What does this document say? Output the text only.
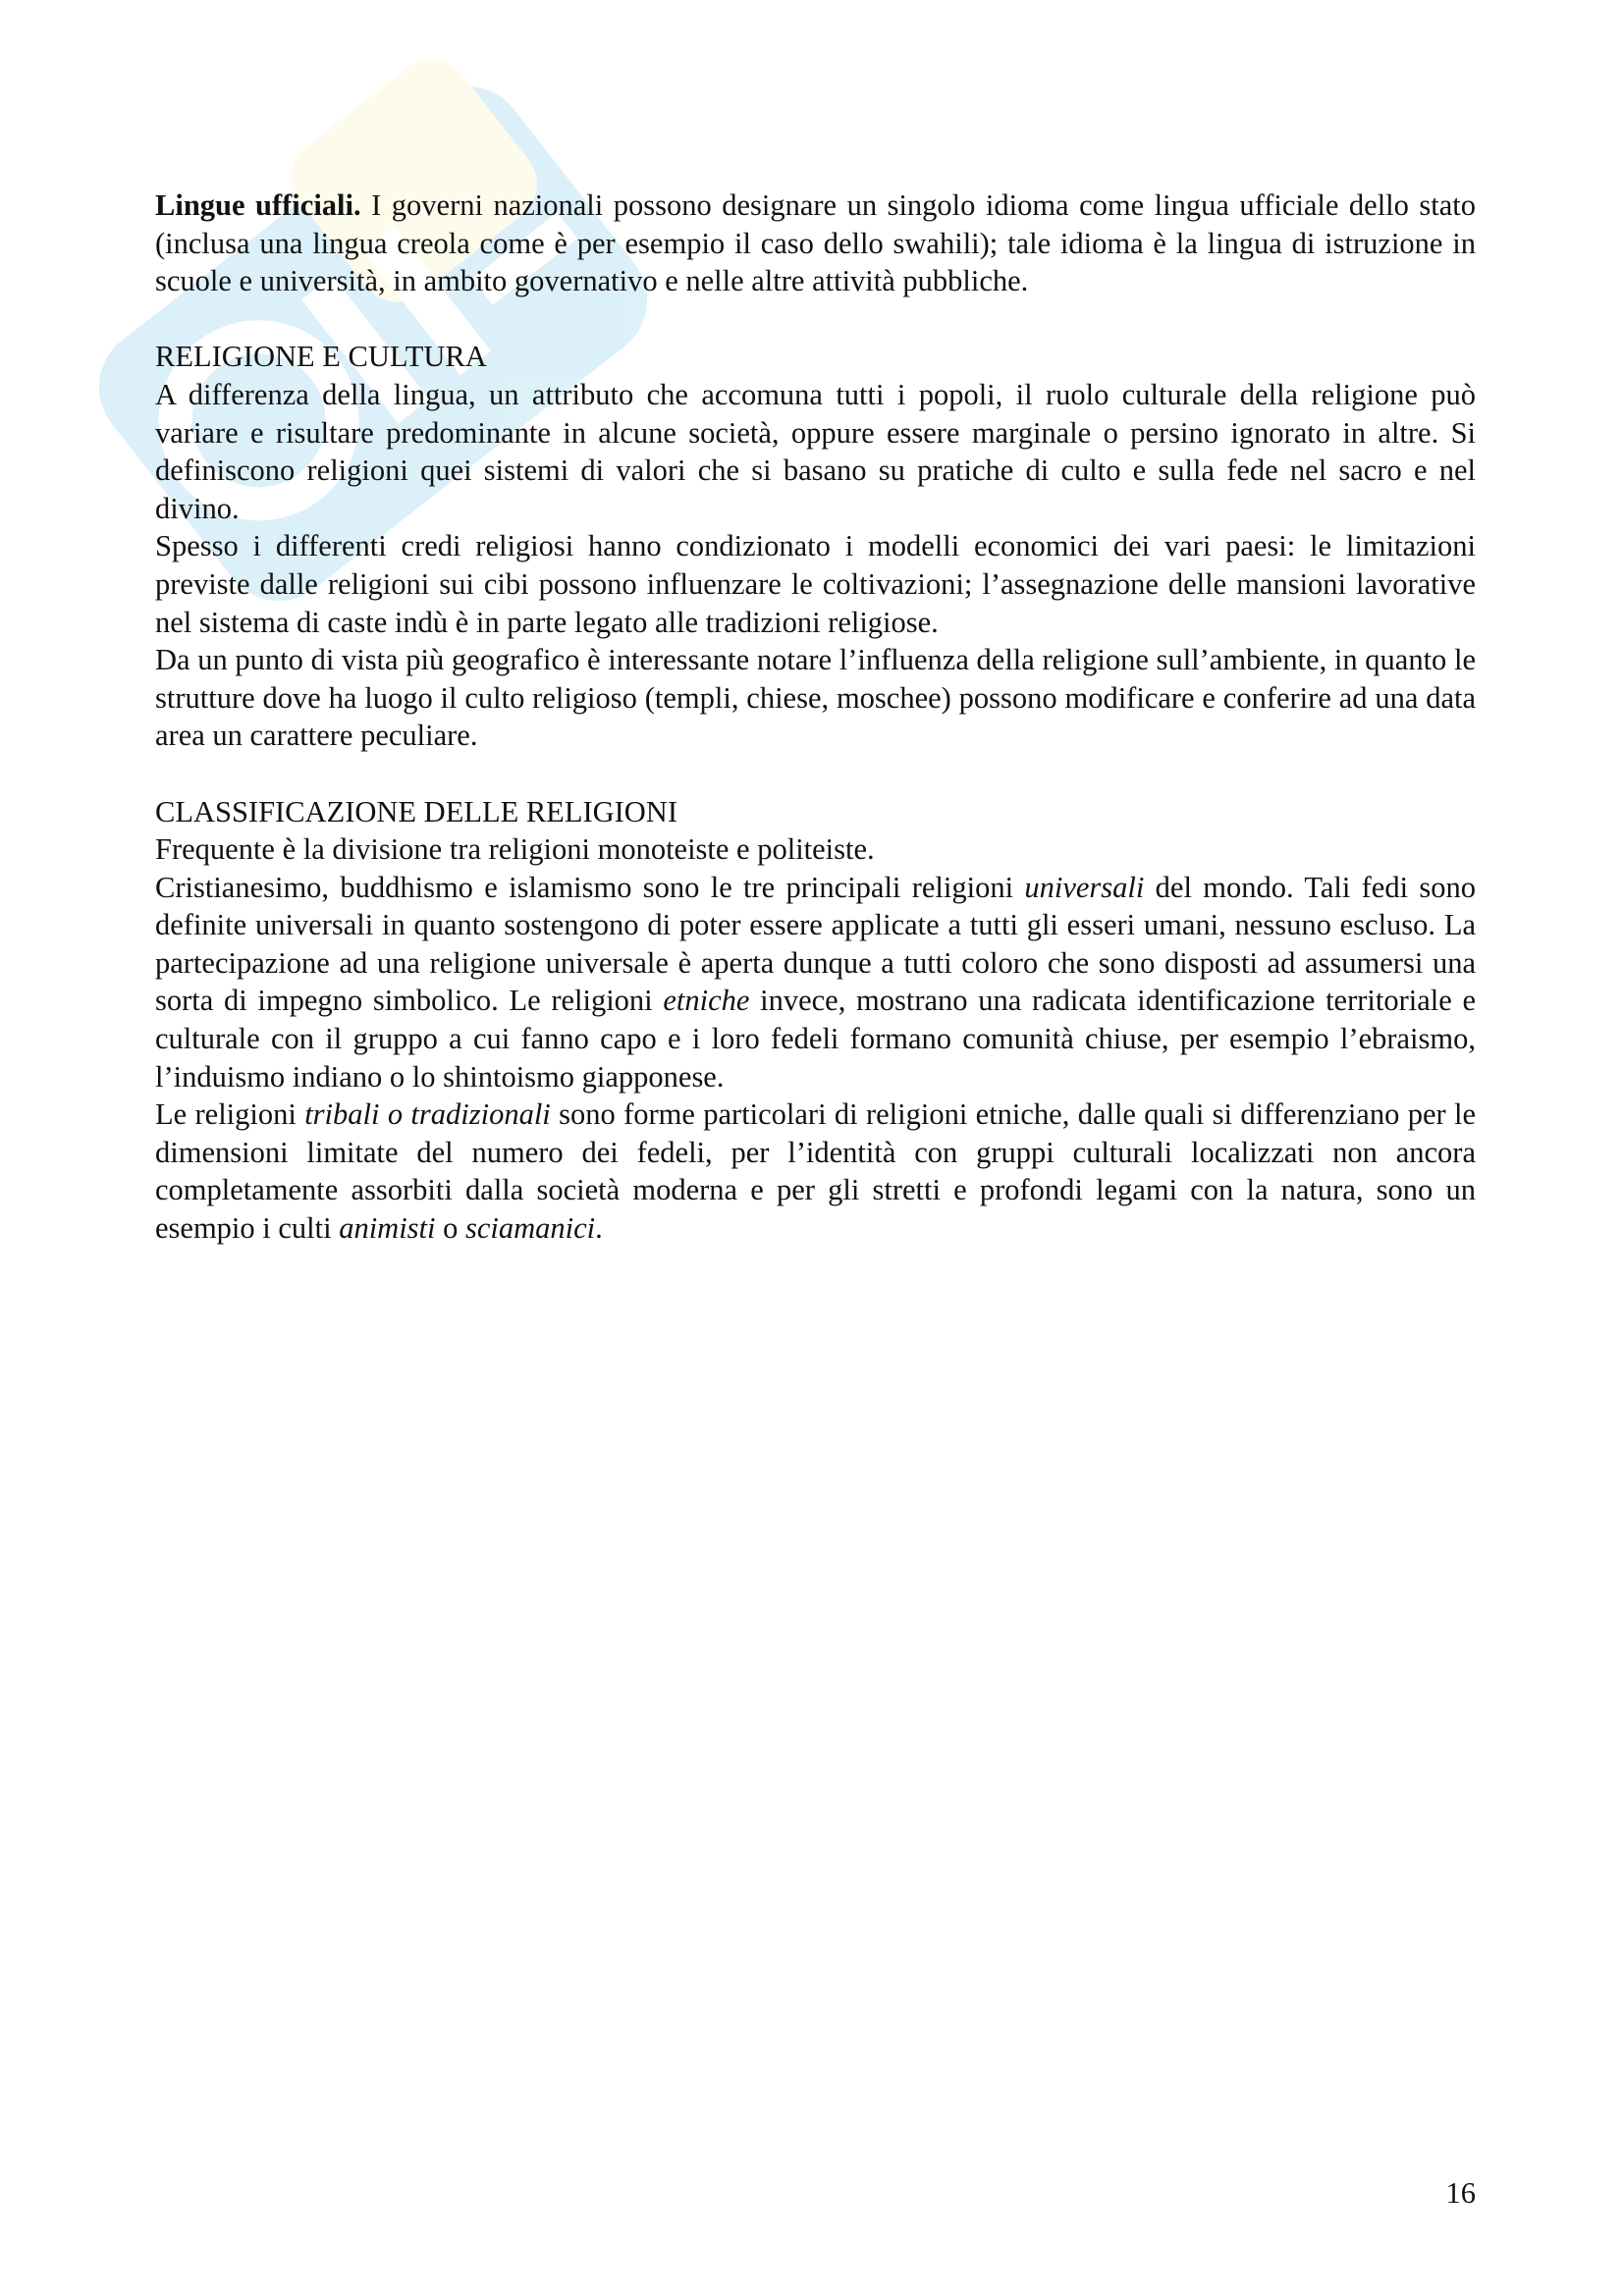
Lingue ufficiali. I governi nazionali possono designare un singolo idioma come lingua ufficiale dello stato (inclusa una lingua creola come è per esempio il caso dello swahili); tale idioma è la lingua di istruzione in scuole e università, in ambito governativo e nelle altre attività pubbliche.

RELIGIONE E CULTURA

A differenza della lingua, un attributo che accomuna tutti i popoli, il ruolo culturale della religione può variare e risultare predominante in alcune società, oppure essere marginale o persino ignorato in altre. Si definiscono religioni quei sistemi di valori che si basano su pratiche di culto e sulla fede nel sacro e nel divino.

Spesso i differenti credi religiosi hanno condizionato i modelli economici dei vari paesi: le limitazioni previste dalle religioni sui cibi possono influenzare le coltivazioni; l’assegnazione delle mansioni lavorative nel sistema di caste indù è in parte legato alle tradizioni religiose.

Da un punto di vista più geografico è interessante notare l’influenza della religione sull’ambiente, in quanto le strutture dove ha luogo il culto religioso (templi, chiese, moschee) possono modificare e conferire ad una data area un carattere peculiare.

CLASSIFICAZIONE DELLE RELIGIONI

Frequente è la divisione tra religioni monoteiste e politeiste.

Cristianesimo, buddhismo e islamismo sono le tre principali religioni universali del mondo. Tali fedi sono definite universali in quanto sostengono di poter essere applicate a tutti gli esseri umani, nessuno escluso. La partecipazione ad una religione universale è aperta dunque a tutti coloro che sono disposti ad assumersi una sorta di impegno simbolico. Le religioni etniche invece, mostrano una radicata identificazione territoriale e culturale con il gruppo a cui fanno capo e i loro fedeli formano comunità chiuse, per esempio l’ebraismo, l’induismo indiano o lo shintoismo giapponese.

Le religioni tribali o tradizionali sono forme particolari di religioni etniche, dalle quali si differenziano per le dimensioni limitate del numero dei fedeli, per l’identità con gruppi culturali localizzati non ancora completamente assorbiti dalla società moderna e per gli stretti e profondi legami con la natura, sono un esempio i culti animisti o sciamanici.

16
